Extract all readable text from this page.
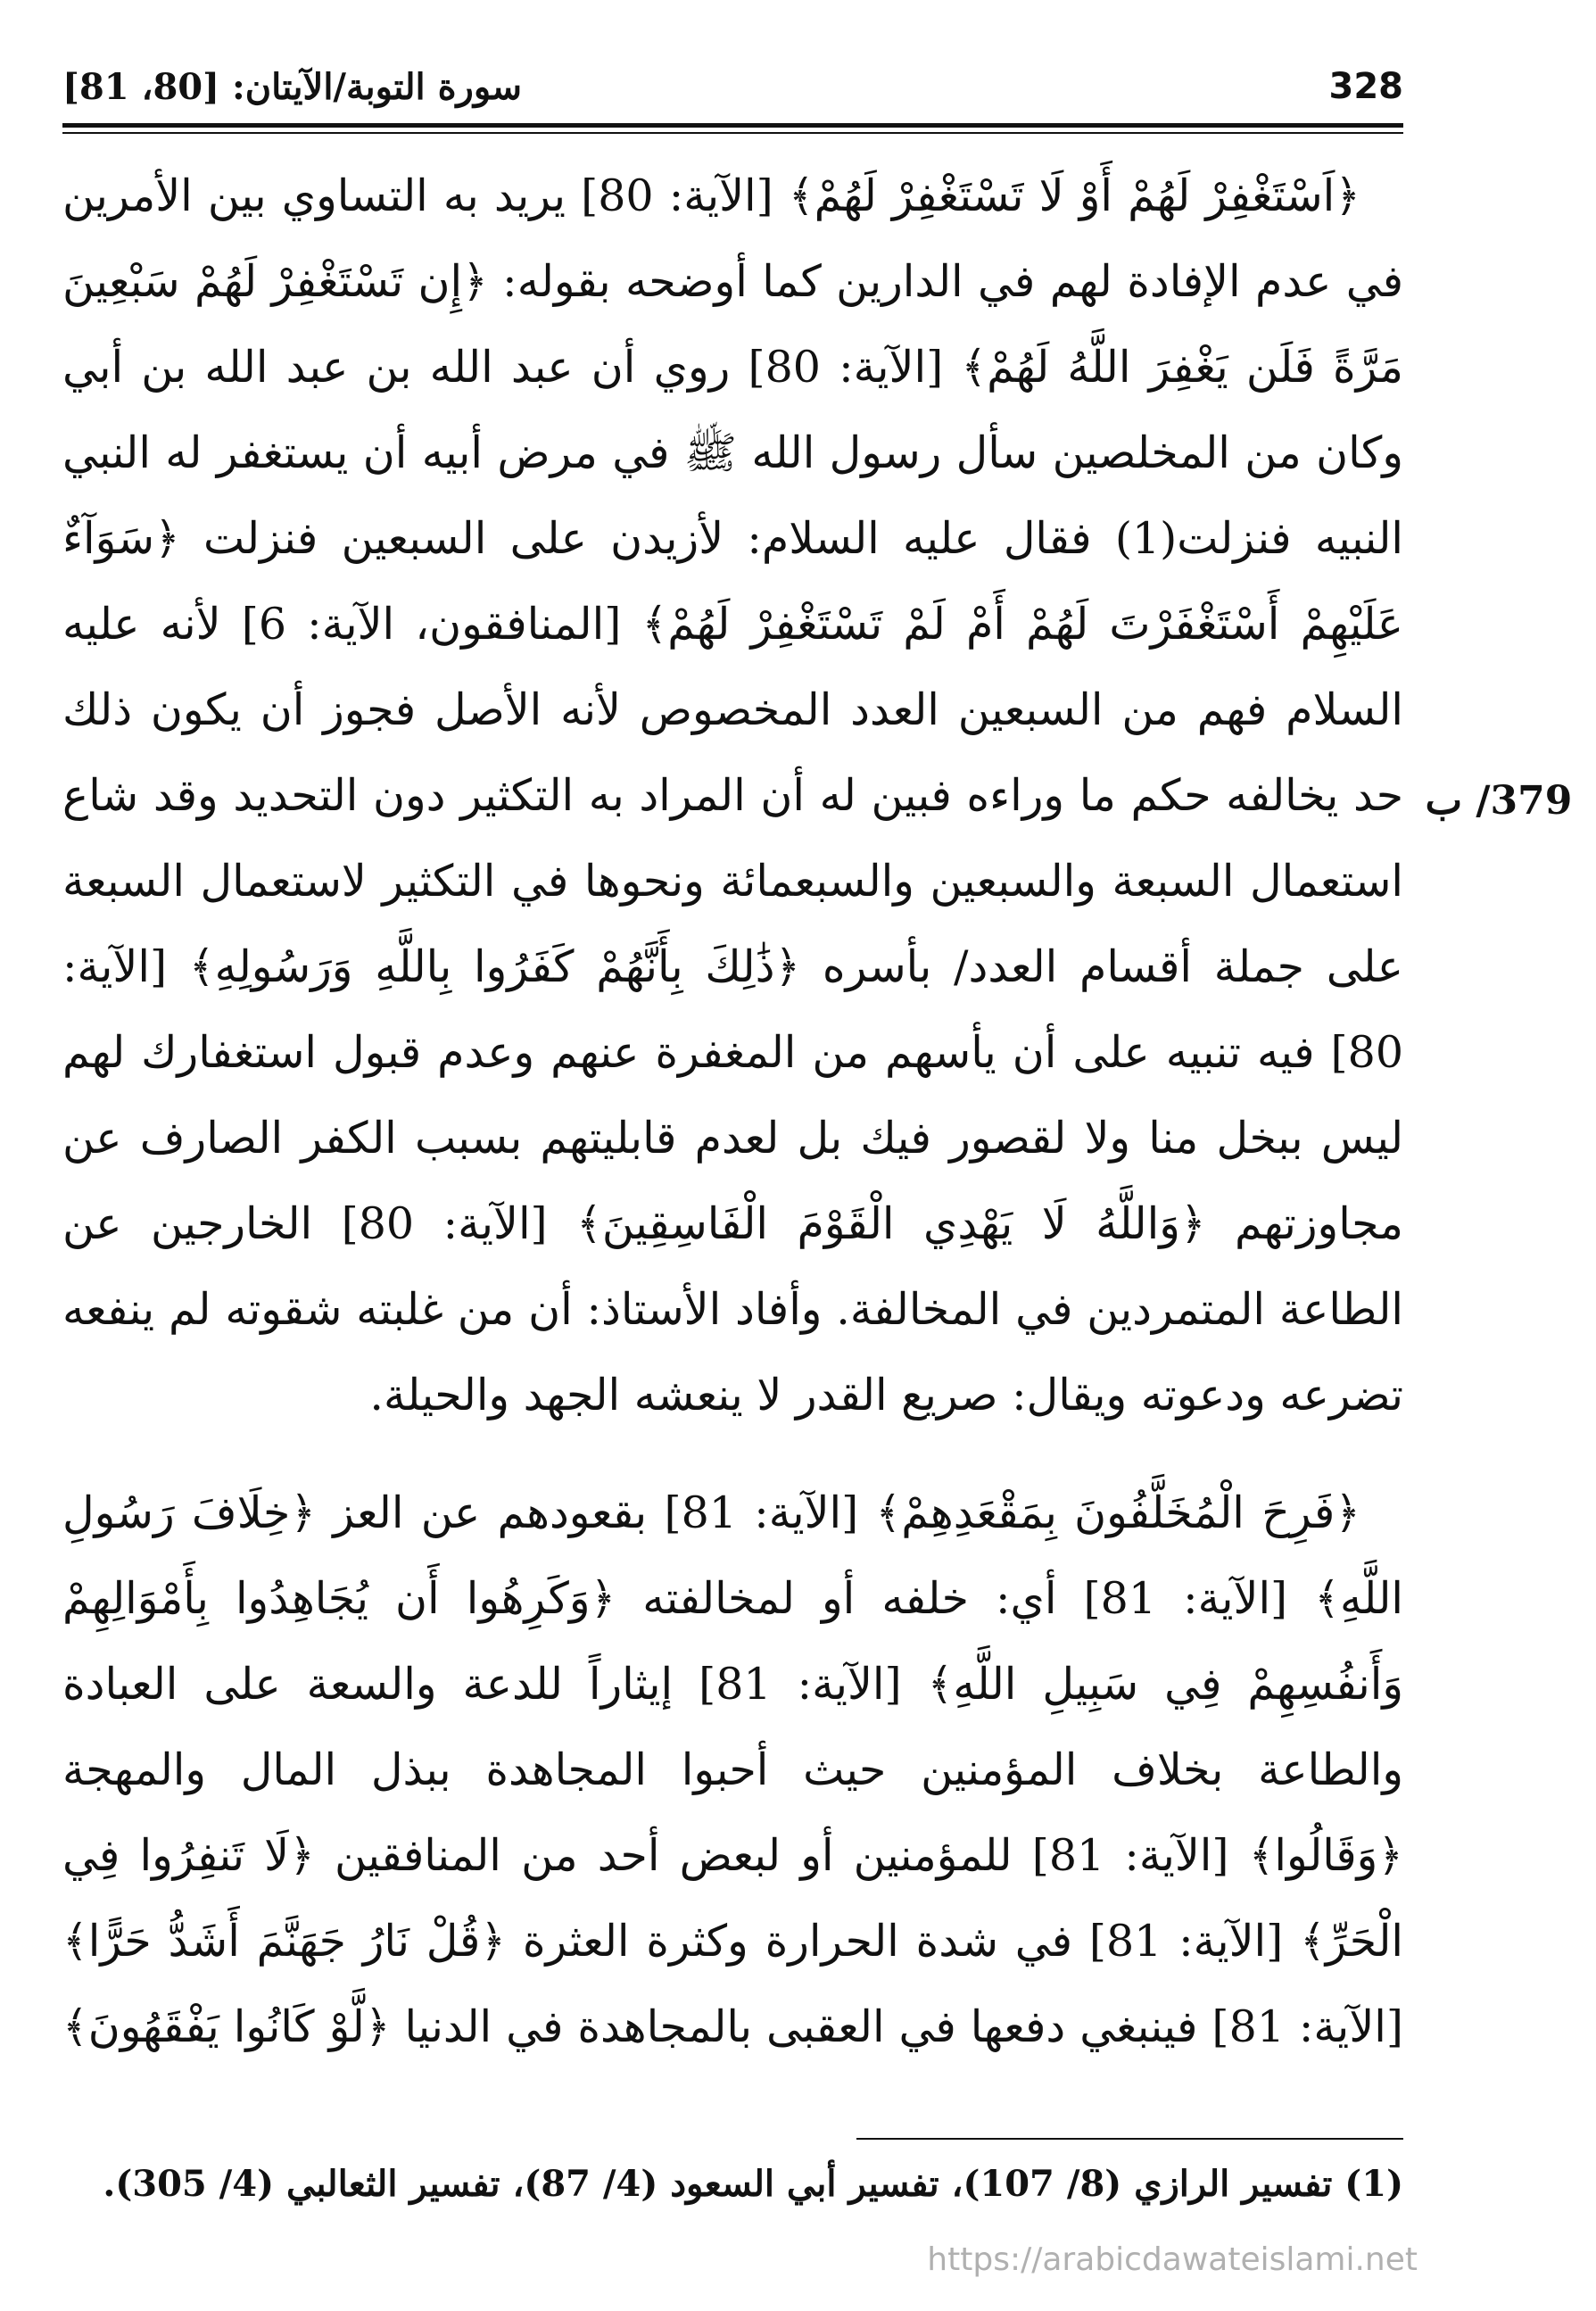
328
سورة التوبة/الآيتان: [80، 81]
379/ ب

﴿اَسْتَغْفِرْ لَهُمْ أَوْ لَا تَسْتَغْفِرْ لَهُمْ﴾ [الآية: 80] يريد به التساوي بين الأمرين في عدم الإفادة لهم في الدارين كما أوضحه بقوله: ﴿إِن تَسْتَغْفِرْ لَهُمْ سَبْعِينَ مَرَّةً فَلَن يَغْفِرَ اللَّهُ لَهُمْ﴾ [الآية: 80] روي أن عبد الله بن عبد الله بن أبي وكان من المخلصين سأل رسول الله ﷺ في مرض أبيه أن يستغفر له النبي النبيه فنزلت(1) فقال عليه السلام: لأزيدن على السبعين فنزلت ﴿سَوَآءٌ عَلَيْهِمْ أَسْتَغْفَرْتَ لَهُمْ أَمْ لَمْ تَسْتَغْفِرْ لَهُمْ﴾ [المنافقون، الآية: 6] لأنه عليه السلام فهم من السبعين العدد المخصوص لأنه الأصل فجوز أن يكون ذلك حد يخالفه حكم ما وراءه فبين له أن المراد به التكثير دون التحديد وقد شاع استعمال السبعة والسبعين والسبعمائة ونحوها في التكثير لاستعمال السبعة على جملة أقسام العدد/ بأسره ﴿ذَٰلِكَ بِأَنَّهُمْ كَفَرُوا بِاللَّهِ وَرَسُولِهِ﴾ [الآية: 80] فيه تنبيه على أن يأسهم من المغفرة عنهم وعدم قبول استغفارك لهم ليس ببخل منا ولا لقصور فيك بل لعدم قابليتهم بسبب الكفر الصارف عن مجاوزتهم ﴿وَاللَّهُ لَا يَهْدِي الْقَوْمَ الْفَاسِقِينَ﴾ [الآية: 80] الخارجين عن الطاعة المتمردين في المخالفة. وأفاد الأستاذ: أن من غلبته شقوته لم ينفعه تضرعه ودعوته ويقال: صريع القدر لا ينعشه الجهد والحيلة.

﴿فَرِحَ الْمُخَلَّفُونَ بِمَقْعَدِهِمْ﴾ [الآية: 81] بقعودهم عن العز ﴿خِلَافَ رَسُولِ اللَّهِ﴾ [الآية: 81] أي: خلفه أو لمخالفته ﴿وَكَرِهُوا أَن يُجَاهِدُوا بِأَمْوَالِهِمْ وَأَنفُسِهِمْ فِي سَبِيلِ اللَّهِ﴾ [الآية: 81] إيثاراً للدعة والسعة على العبادة والطاعة بخلاف المؤمنين حيث أحبوا المجاهدة ببذل المال والمهجة ﴿وَقَالُوا﴾ [الآية: 81] للمؤمنين أو لبعض أحد من المنافقين ﴿لَا تَنفِرُوا فِي الْحَرِّ﴾ [الآية: 81] في شدة الحرارة وكثرة العثرة ﴿قُلْ نَارُ جَهَنَّمَ أَشَدُّ حَرًّا﴾ [الآية: 81] فينبغي دفعها في العقبى بالمجاهدة في الدنيا ﴿لَّوْ كَانُوا يَفْقَهُونَ﴾

(1) تفسير الرازي (8/ 107)، تفسير أبي السعود (4/ 87)، تفسير الثعالبي (4/ 305).
https://arabicdawateislami.net
